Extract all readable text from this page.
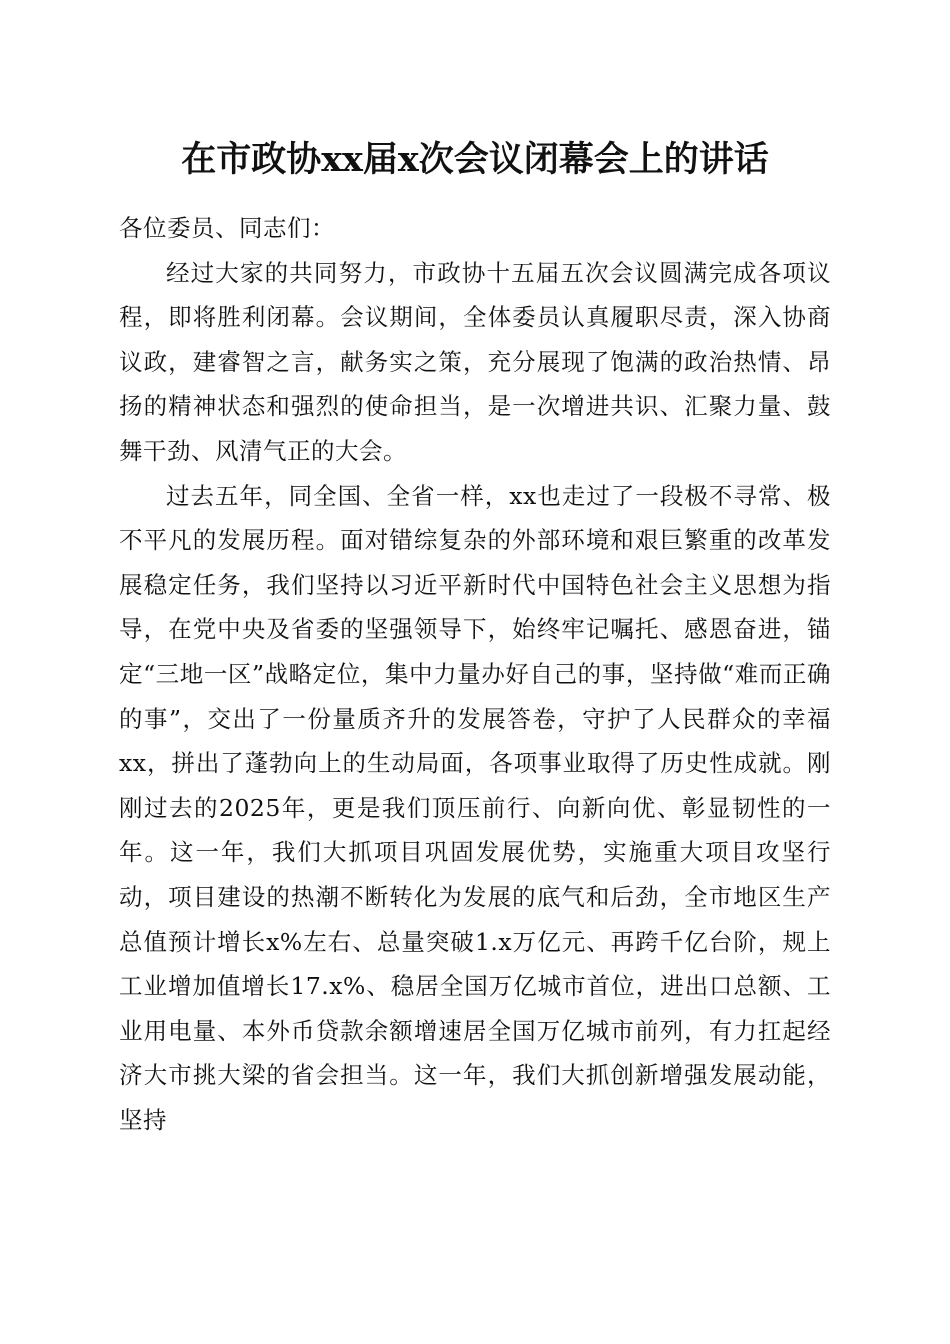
在市政协xx届x次会议闭幕会上的讲话

各位委员、同志们：

经过大家的共同努力，市政协十五届五次会议圆满完成各项议程，即将胜利闭幕。会议期间，全体委员认真履职尽责，深入协商议政，建睿智之言，献务实之策，充分展现了饱满的政治热情、昂扬的精神状态和强烈的使命担当，是一次增进共识、汇聚力量、鼓舞干劲、风清气正的大会。

过去五年，同全国、全省一样，xx也走过了一段极不寻常、极不平凡的发展历程。面对错综复杂的外部环境和艰巨繁重的改革发展稳定任务，我们坚持以习近平新时代中国特色社会主义思想为指导，在党中央及省委的坚强领导下，始终牢记嘱托、感恩奋进，锚定“三地一区”战略定位，集中力量办好自己的事，坚持做“难而正确的事”，交出了一份量质齐升的发展答卷，守护了人民群众的幸福xx，拼出了蓬勃向上的生动局面，各项事业取得了历史性成就。刚刚过去的2025年，更是我们顶压前行、向新向优、彰显韧性的一年。这一年，我们大抓项目巩固发展优势，实施重大项目攻坚行动，项目建设的热潮不断转化为发展的底气和后劲，全市地区生产总值预计增长x%左右、总量突破1.x万亿元、再跨千亿台阶，规上工业增加值增长17.x%、稳居全国万亿城市首位，进出口总额、工业用电量、本外币贷款余额增速居全国万亿城市前列，有力扛起经济大市挑大梁的省会担当。这一年，我们大抓创新增强发展动能，坚持
